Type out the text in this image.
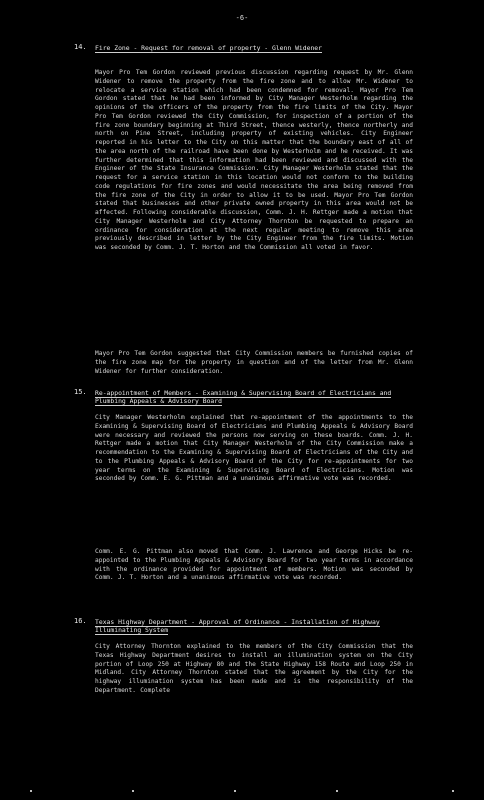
-6-
14. Fire Zone - Request for removal of property - Glenn Widener
Mayor Pro Tem Gordon reviewed previous discussion regarding request by Mr. Glenn Widener to remove the property from the fire zone and to allow Mr. Widener to relocate a service station which had been condemned for removal. Mayor Pro Tem Gordon stated that he had been informed by City Manager Westerholm regarding the opinions of the officers of the property from the fire limits of the City. Mayor Pro Tem Gordon reviewed the City Commission, for inspection of a portion of the fire zone boundary beginning at Third Street, thence westerly, thence northerly and north on Pine Street, including property of existing vehicles. City Engineer reported in his letter to the City on this matter that the boundary east of all of the area north of the railroad have been done by Westerholm and he received. It was further determined that this information had been reviewed and discussed with the Engineer of the State Insurance Commission. City Manager Westerholm stated that the request for a service station in this location would not conform to the building code regulations for fire zones and would necessitate the area being removed from the fire zone of the City in order to allow it to be used. Mayor Pro Tem Gordon stated that businesses and other private owned property in this area would not be affected. Following considerable discussion, Comm. J. H. Rettger made a motion that City Manager Westerholm and City Attorney Thornton be requested to prepare an ordinance for consideration at the next regular meeting to remove this area previously described in letter by the City Engineer from the fire limits. Motion was seconded by Comm. J. T. Horton and the Commission all voted in favor.
Mayor Pro Tem Gordon suggested that City Commission members be furnished copies of the fire zone map for the property in question and of the letter from Mr. Glenn Widener for further consideration.
15. Re-appointment of Members - Examining & Supervising Board of Electricians and Plumbing Appeals & Advisory Board
City Manager Westerholm explained that re-appointment of the appointments to the Examining & Supervising Board of Electricians and Plumbing Appeals & Advisory Board were necessary and reviewed the persons now serving on these boards. Comm. J. H. Rettger made a motion that City Manager Westerholm of the City Commission make a recommendation to the Examining & Supervising Board of Electricians of the City and to the Plumbing Appeals & Advisory Board of the City for re-appointments for two year terms on the Examining & Supervising Board of Electricians. Motion was seconded by Comm. E. G. Pittman and a unanimous affirmative vote was recorded.
Comm. E. G. Pittman also moved that Comm. J. Lawrence and George Hicks be re-appointed to the Plumbing Appeals & Advisory Board for two year terms in accordance with the ordinance provided for appointment of members. Motion was seconded by Comm. J. T. Horton and a unanimous affirmative vote was recorded.
16. Texas Highway Department - Approval of Ordinance - Installation of Highway Illuminating System
City Attorney Thornton explained to the members of the City Commission that the Texas Highway Department desires to install an illumination system on the City portion of Loop 250 at Highway 80 and the State Highway 158 Route and Loop 250 in Midland. City Attorney Thornton stated that the agreement by the City for the highway illumination system has been made and is the responsibility of the Department. Complete
